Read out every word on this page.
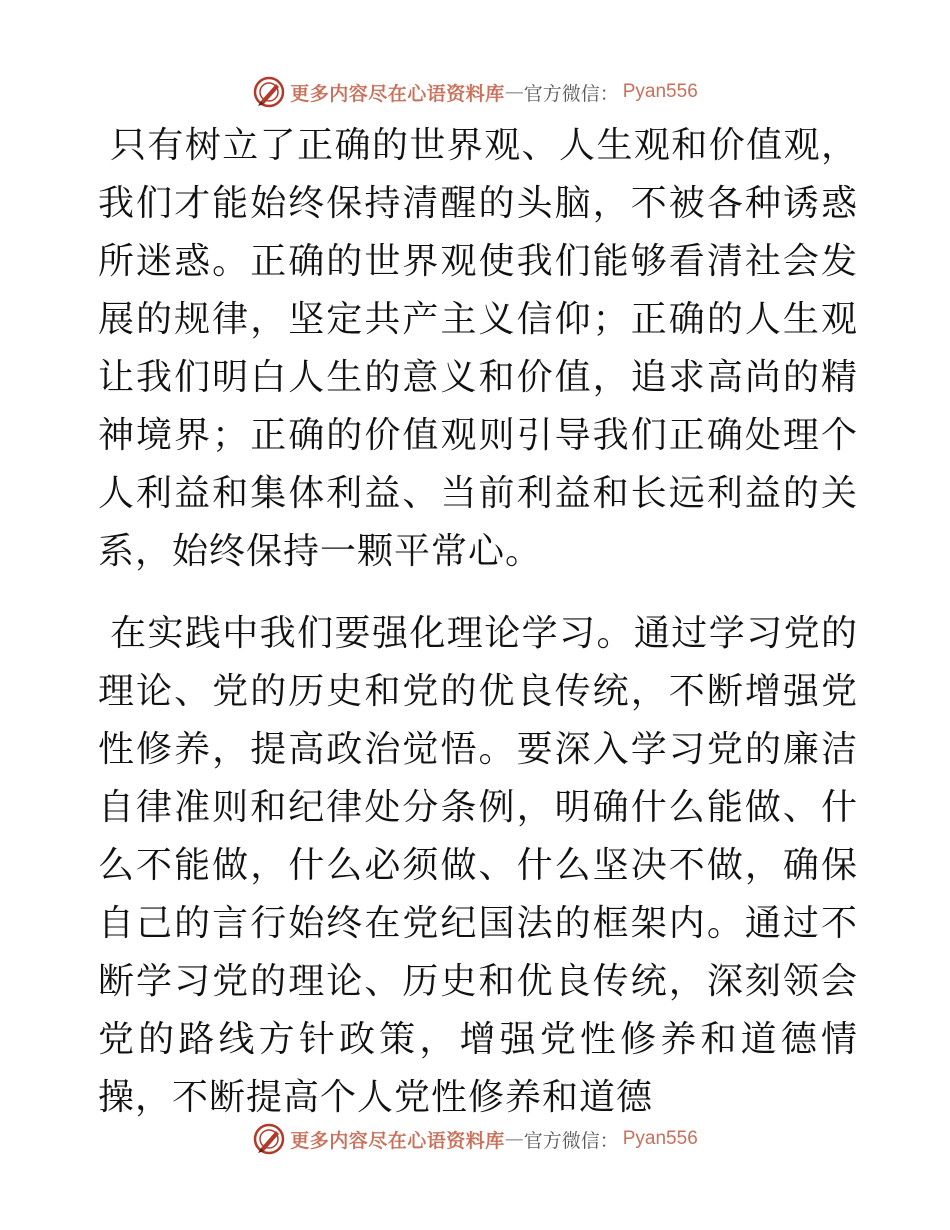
更多内容尽在心语资料库 — 官方微信： Pyan556

只有树立了正确的世界观、人生观和价值观，我们才能始终保持清醒的头脑，不被各种诱惑所迷惑。正确的世界观使我们能够看清社会发展的规律，坚定共产主义信仰；正确的人生观让我们明白人生的意义和价值，追求高尚的精神境界；正确的价值观则引导我们正确处理个人利益和集体利益、当前利益和长远利益的关系，始终保持一颗平常心。

在实践中我们要强化理论学习。通过学习党的理论、党的历史和党的优良传统，不断增强党性修养，提高政治觉悟。要深入学习党的廉洁自律准则和纪律处分条例，明确什么能做、什么不能做，什么必须做、什么坚决不做，确保自己的言行始终在党纪国法的框架内。通过不断学习党的理论、历史和优良传统，深刻领会党的路线方针政策，增强党性修养和道德情操，不断提高个人党性修养和道德

更多内容尽在心语资料库 — 官方微信： Pyan556
